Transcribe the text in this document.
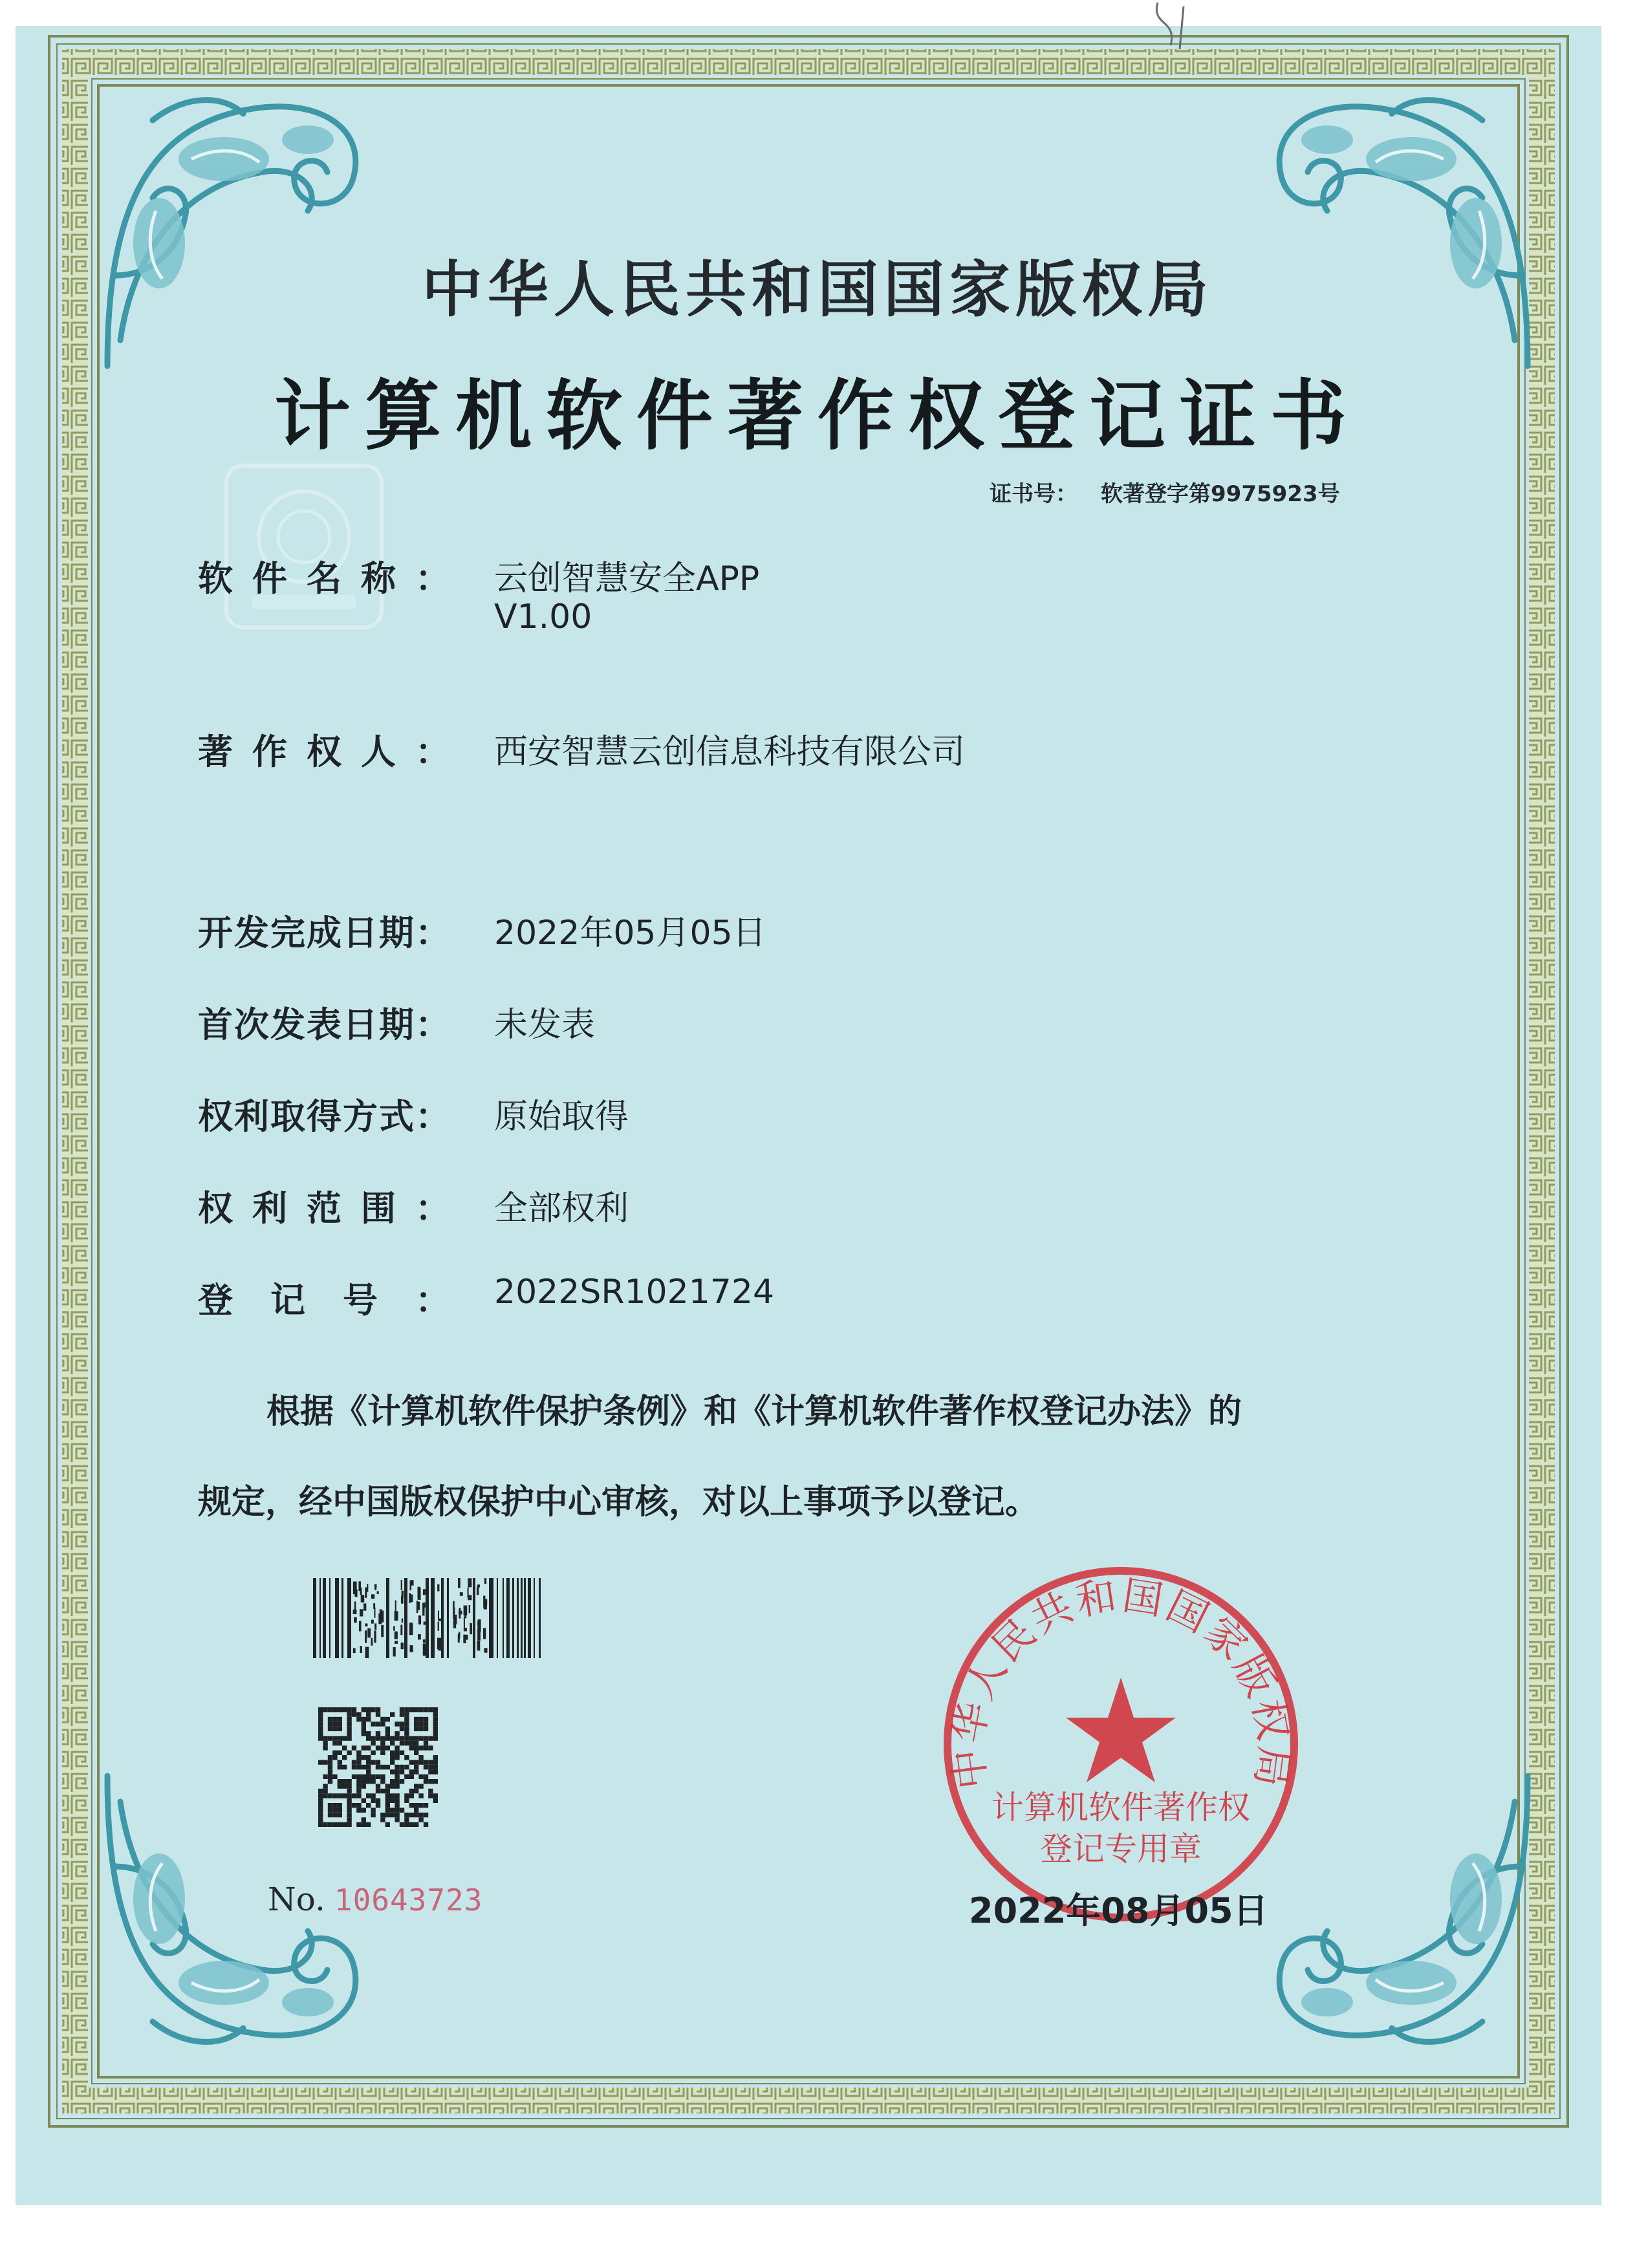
中华人民共和国国家版权局
计算机软件著作权登记证书
证书号： 软著登字第9975923号
软 件 名 称 ： 云创智慧安全APP
V1.00
著 作 权 人 ： 西安智慧云创信息科技有限公司
开 发 完 成 日 期 ： 2022年05月05日
首 次 发 表 日 期 ： 未发表
权 利 取 得 方 式 ： 原始取得
权 利 范 围 ： 全部权利
登 记 号 ： 2022SR1021724
根据《计算机软件保护条例》和《计算机软件著作权登记办法》的
规定，经中国版权保护中心审核，对以上事项予以登记。
No. 10643723
中华人民共和国国家版权局
计算机软件著作权
登记专用章
2022年08月05日
